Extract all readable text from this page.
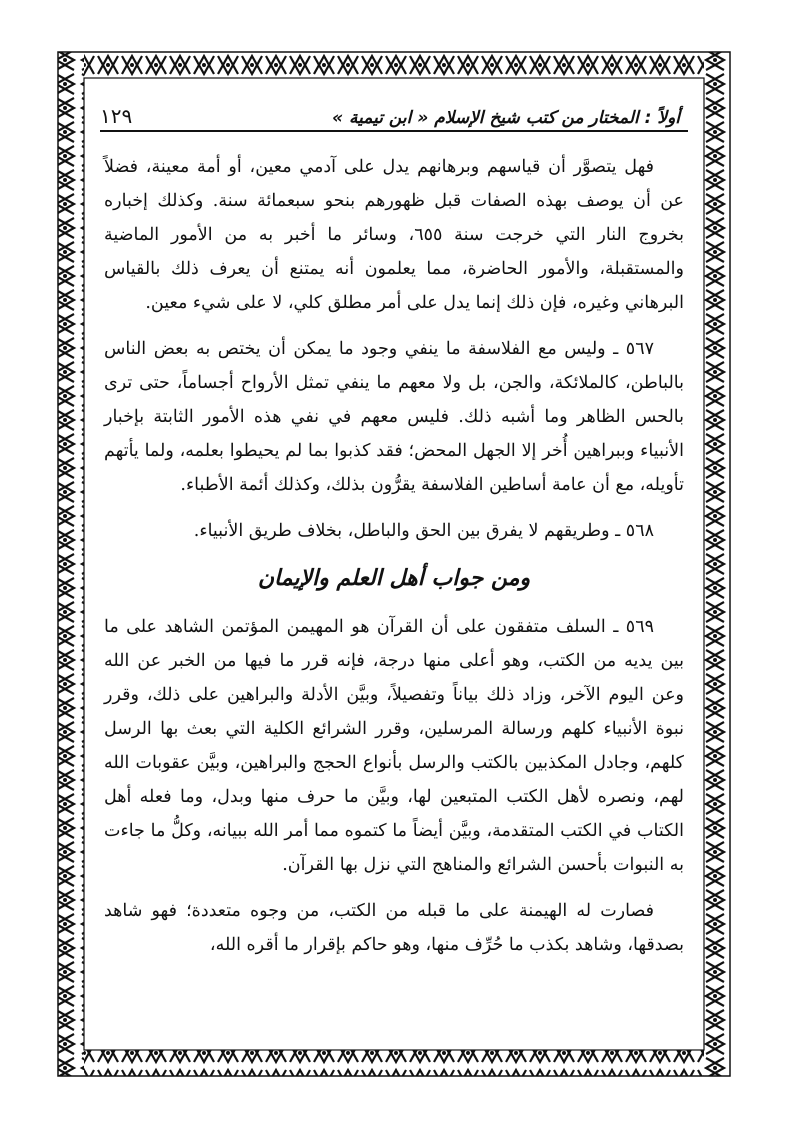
أولاً : المختار من كتب شيخ الإسلام « ابن تيمية »
١٢٩

فهل يتصوَّر أن قياسهم وبرهانهم يدل على آدمي معين، أو أمة معينة، فضلاً عن أن يوصف بهذه الصفات قبل ظهورهم بنحو سبعمائة سنة. وكذلك إخباره بخروج النار التي خرجت سنة ٦٥٥، وسائر ما أخبر به من الأمور الماضية والمستقبلة، والأمور الحاضرة، مما يعلمون أنه يمتنع أن يعرف ذلك بالقياس البرهاني وغيره، فإن ذلك إنما يدل على أمر مطلق كلي، لا على شيء معين.

٥٦٧ ـ وليس مع الفلاسفة ما ينفي وجود ما يمكن أن يختص به بعض الناس بالباطن، كالملائكة، والجن، بل ولا معهم ما ينفي تمثل الأرواح أجساماً، حتى ترى بالحس الظاهر وما أشبه ذلك. فليس معهم في نفي هذه الأمور الثابتة بإخبار الأنبياء وببراهين أُخر إلا الجهل المحض؛ فقد كذبوا بما لم يحيطوا بعلمه، ولما يأتهم تأويله، مع أن عامة أساطين الفلاسفة يقرُّون بذلك، وكذلك أئمة الأطباء.

٥٦٨ ـ وطريقهم لا يفرق بين الحق والباطل، بخلاف طريق الأنبياء.

ومن جواب أهل العلم والإيمان

٥٦٩ ـ السلف متفقون على أن القرآن هو المهيمن المؤتمن الشاهد على ما بين يديه من الكتب، وهو أعلى منها درجة، فإنه قرر ما فيها من الخبر عن الله وعن اليوم الآخر، وزاد ذلك بياناً وتفصيلاً، وبيَّن الأدلة والبراهين على ذلك، وقرر نبوة الأنبياء كلهم ورسالة المرسلين، وقرر الشرائع الكلية التي بعث بها الرسل كلهم، وجادل المكذبين بالكتب والرسل بأنواع الحجج والبراهين، وبيَّن عقوبات الله لهم، ونصره لأهل الكتب المتبعين لها، وبيَّن ما حرف منها وبدل، وما فعله أهل الكتاب في الكتب المتقدمة، وبيَّن أيضاً ما كتموه مما أمر الله ببيانه، وكلُّ ما جاءت به النبوات بأحسن الشرائع والمناهج التي نزل بها القرآن.

فصارت له الهيمنة على ما قبله من الكتب، من وجوه متعددة؛ فهو شاهد بصدقها، وشاهد بكذب ما حُرِّف منها، وهو حاكم بإقرار ما أقره الله،
